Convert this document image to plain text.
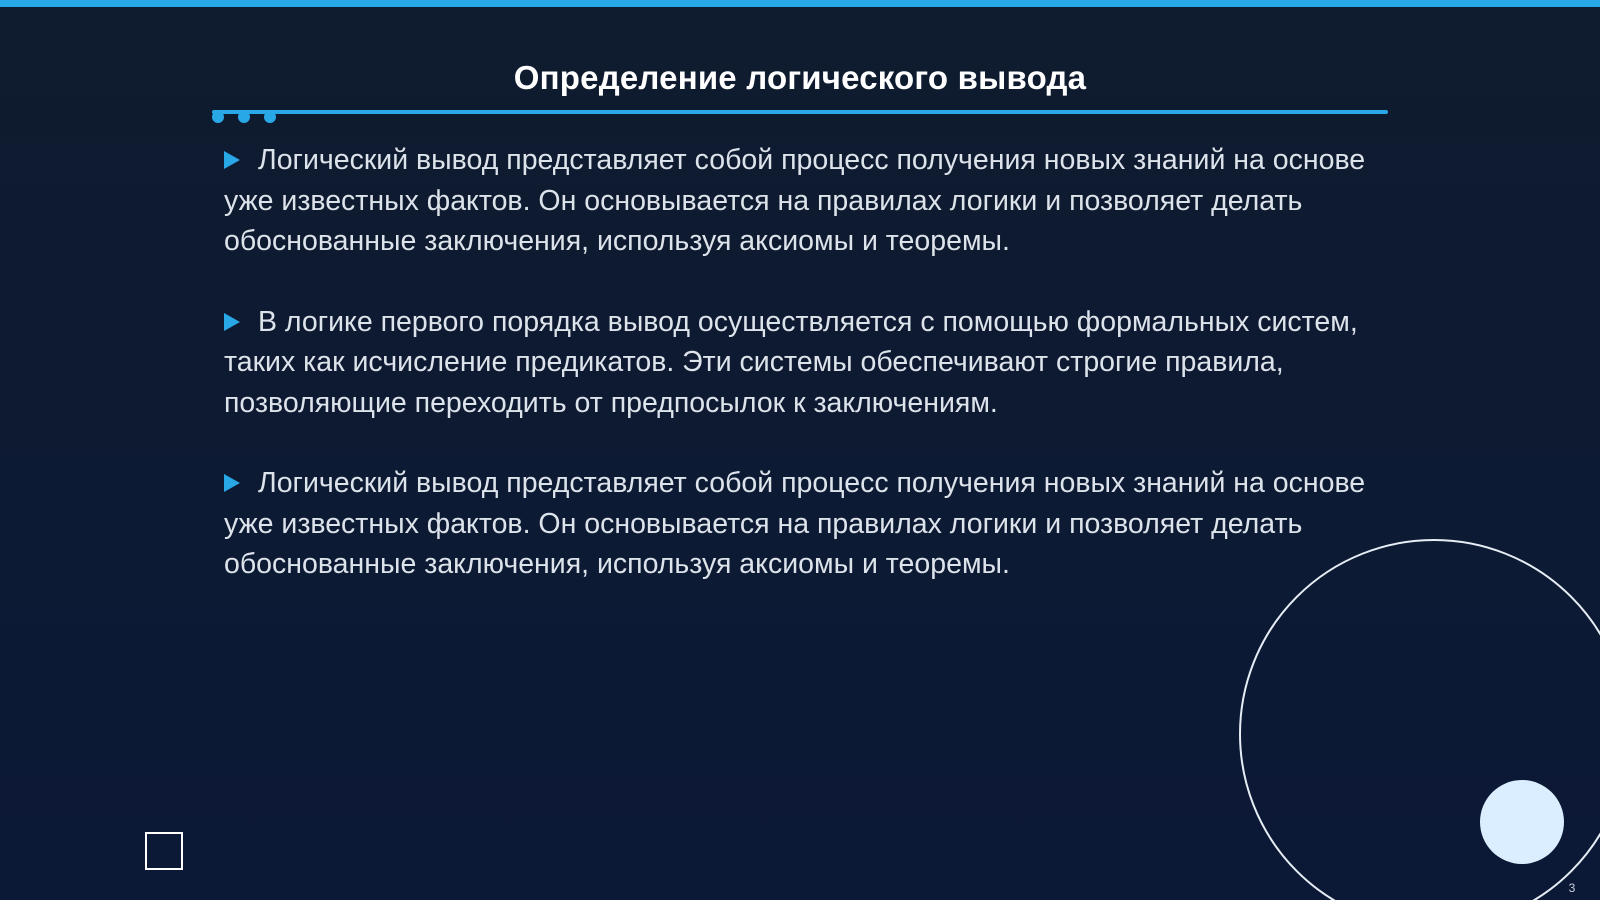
Определение логического вывода
Логический вывод представляет собой процесс получения новых знаний на основе уже известных фактов. Он основывается на правилах логики и позволяет делать обоснованные заключения, используя аксиомы и теоремы.
В логике первого порядка вывод осуществляется с помощью формальных систем, таких как исчисление предикатов. Эти системы обеспечивают строгие правила, позволяющие переходить от предпосылок к заключениям.
Логический вывод представляет собой процесс получения новых знаний на основе уже известных фактов. Он основывается на правилах логики и позволяет делать обоснованные заключения, используя аксиомы и теоремы.
3
